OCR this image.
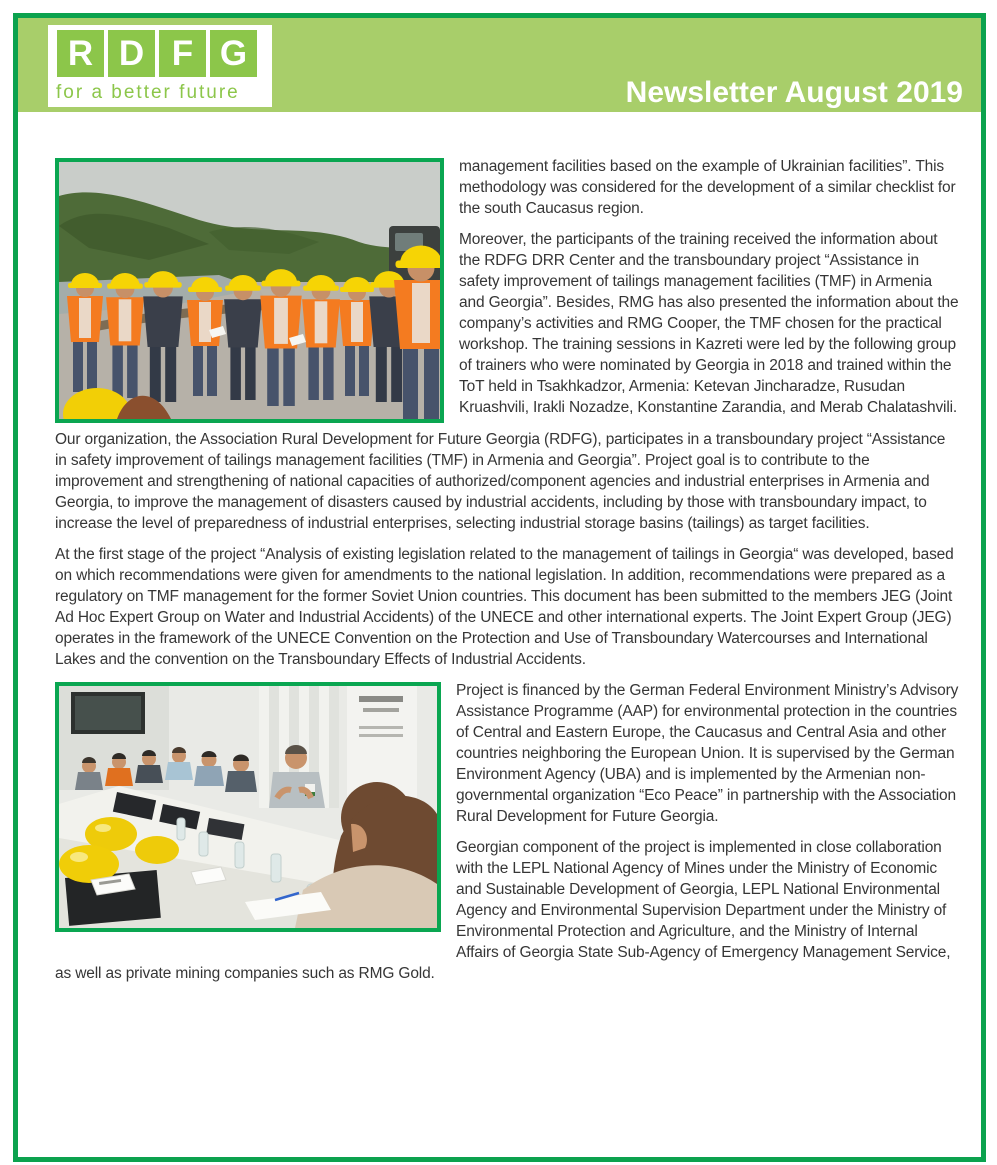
R D F G
for a better future	Newsletter August 2019

management facilities based on the example of Ukrainian facilities”. This methodology was considered for the development of a similar checklist for the south Caucasus region.

Moreover, the participants of the training received the information about the RDFG DRR Center and the transboundary project “Assistance in safety improvement of tailings management facilities (TMF) in Armenia and Georgia”. Besides, RMG has also presented the information about the company’s activities and RMG Cooper, the TMF chosen for the practical workshop. The training sessions in Kazreti were led by the following group of trainers who were nominated by Georgia in 2018 and trained within the ToT held in Tsakhkadzor, Armenia: Ketevan Jincharadze, Rusudan Kruashvili, Irakli Nozadze, Konstantine Zarandia, and Merab Chalatashvili.

Our organization, the Association Rural Development for Future Georgia (RDFG), participates in a transboundary project “Assistance in safety improvement of tailings management facilities (TMF) in Armenia and Georgia”. Project goal is to contribute to the improvement and strengthening of national capacities of authorized/component agencies and industrial enterprises in Armenia and Georgia, to improve the management of disasters caused by industrial accidents, including by those with transboundary impact, to increase the level of preparedness of industrial enterprises, selecting industrial storage basins (tailings) as target facilities.

At the first stage of the project “Analysis of existing legislation related to the management of tailings in Georgia“ was developed, based on which recommendations were given for amendments to the national legislation. In addition, recommendations were prepared as a regulatory on TMF management for the former Soviet Union countries. This document has been submitted to the members JEG (Joint Ad Hoc Expert Group on Water and Industrial Accidents) of the UNECE and other international experts. The Joint Expert Group (JEG) operates in the framework of the UNECE Convention on the Protection and Use of Transboundary Watercourses and International Lakes and the convention on the Transboundary Effects of Industrial Accidents.

Project is financed by the German Federal Environment Ministry’s Advisory Assistance Programme (AAP) for environmental protection in the countries of Central and Eastern Europe, the Caucasus and Central Asia and other countries neighboring the European Union. It is supervised by the German Environment Agency (UBA) and is implemented by the Armenian non-governmental organization “Eco Peace” in partnership with the Association Rural Development for Future Georgia.

Georgian component of the project is implemented in close collaboration with the LEPL National Agency of Mines under the Ministry of Economic and Sustainable Development of Georgia, LEPL National Environmental Agency and Environmental Supervision Department under the Ministry of Environmental Protection and Agriculture, and the Ministry of Internal Affairs of Georgia State Sub-Agency of Emergency Management Service, as well as private mining companies such as RMG Gold.
